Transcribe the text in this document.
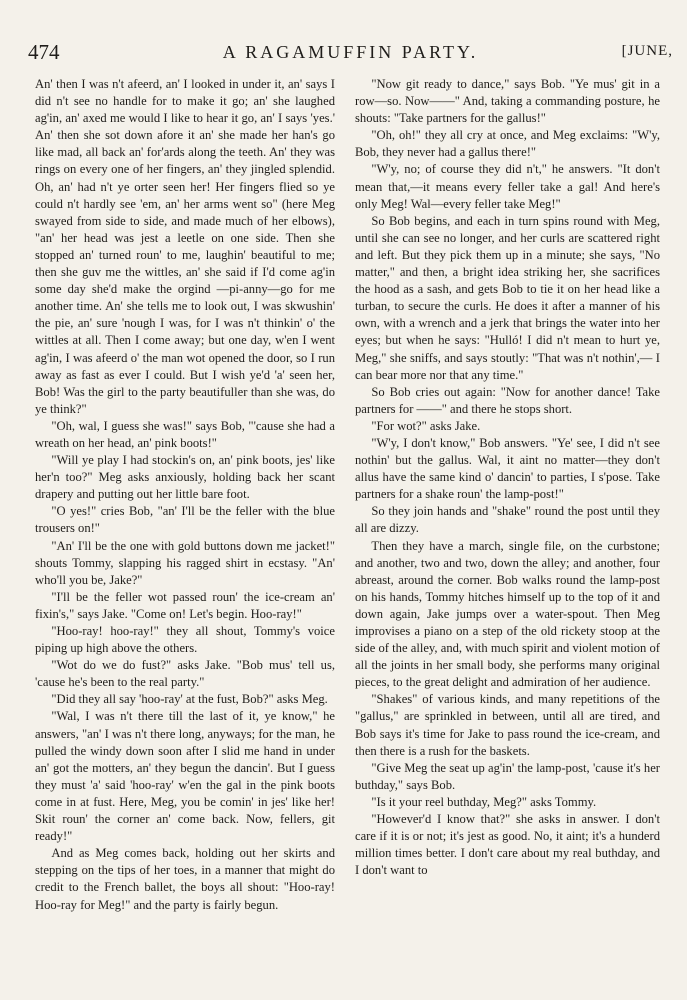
474	A RAGAMUFFIN PARTY.	[JUNE,

An' then I was n't afeerd, an' I looked in under it, an' says I did n't see no handle for to make it go; an' she laughed ag'in, an' axed me would I like to hear it go, an' I says 'yes.' An' then she sot down afore it an' she made her han's go like mad, all back an' for'ards along the teeth. An' they was rings on every one of her fingers, an' they jingled splendid. Oh, an' had n't ye orter seen her! Her fingers flied so ye could n't hardly see 'em, an' her arms went so" (here Meg swayed from side to side, and made much of her elbows), "an' her head was jest a leetle on one side. Then she stopped an' turned roun' to me, laughin' beautiful to me; then she guv me the wittles, an' she said if I'd come ag'in some day she'd make the orgind —pi-anny—go for me another time. An' she tells me to look out, I was skwushin' the pie, an' sure 'nough I was, for I was n't thinkin' o' the wittles at all. Then I come away; but one day, w'en I went ag'in, I was afeerd o' the man wot opened the door, so I run away as fast as ever I could. But I wish ye'd 'a' seen her, Bob! Was the girl to the party beautifuller than she was, do ye think?"

"Oh, wal, I guess she was!" says Bob, "'cause she had a wreath on her head, an' pink boots!"

"Will ye play I had stockin's on, an' pink boots, jes' like her'n too?" Meg asks anxiously, holding back her scant drapery and putting out her little bare foot.

"O yes!" cries Bob, "an' I'll be the feller with the blue trousers on!"

"An' I'll be the one with gold buttons down me jacket!" shouts Tommy, slapping his ragged shirt in ecstasy. "An' who'll you be, Jake?"

"I'll be the feller wot passed roun' the ice-cream an' fixin's," says Jake. "Come on! Let's begin. Hoo-ray!"

"Hoo-ray! hoo-ray!" they all shout, Tommy's voice piping up high above the others.

"Wot do we do fust?" asks Jake. "Bob mus' tell us, 'cause he's been to the real party."

"Did they all say 'hoo-ray' at the fust, Bob?" asks Meg.

"Wal, I was n't there till the last of it, ye know," he answers, "an' I was n't there long, anyways; for the man, he pulled the windy down soon after I slid me hand in under an' got the motters, an' they begun the dancin'. But I guess they must 'a' said 'hoo-ray' w'en the gal in the pink boots come in at fust. Here, Meg, you be comin' in jes' like her! Skit roun' the corner an' come back. Now, fellers, git ready!"

And as Meg comes back, holding out her skirts and stepping on the tips of her toes, in a manner that might do credit to the French ballet, the boys all shout: "Hoo-ray! Hoo-ray for Meg!" and the party is fairly begun.

"Now git ready to dance," says Bob. "Ye mus' git in a row—so. Now——" And, taking a commanding posture, he shouts: "Take partners for the gallus!"

"Oh, oh!" they all cry at once, and Meg exclaims: "W'y, Bob, they never had a gallus there!"

"W'y, no; of course they did n't," he answers. "It don't mean that,—it means every feller take a gal! And here's only Meg! Wal—every feller take Meg!"

So Bob begins, and each in turn spins round with Meg, until she can see no longer, and her curls are scattered right and left. But they pick them up in a minute; she says, "No matter," and then, a bright idea striking her, she sacrifices the hood as a sash, and gets Bob to tie it on her head like a turban, to secure the curls. He does it after a manner of his own, with a wrench and a jerk that brings the water into her eyes; but when he says: "Hulló! I did n't mean to hurt ye, Meg," she sniffs, and says stoutly: "That was n't nothin',— I can bear more nor that any time."

So Bob cries out again: "Now for another dance! Take partners for ——" and there he stops short.

"For wot?" asks Jake.

"W'y, I don't know," Bob answers. "Ye' see, I did n't see nothin' but the gallus. Wal, it aint no matter—they don't allus have the same kind o' dancin' to parties, I s'pose. Take partners for a shake roun' the lamp-post!"

So they join hands and "shake" round the post until they all are dizzy.

Then they have a march, single file, on the curbstone; and another, two and two, down the alley; and another, four abreast, around the corner. Bob walks round the lamp-post on his hands, Tommy hitches himself up to the top of it and down again, Jake jumps over a water-spout. Then Meg improvises a piano on a step of the old rickety stoop at the side of the alley, and, with much spirit and violent motion of all the joints in her small body, she performs many original pieces, to the great delight and admiration of her audience.

"Shakes" of various kinds, and many repetitions of the "gallus," are sprinkled in between, until all are tired, and Bob says it's time for Jake to pass round the ice-cream, and then there is a rush for the baskets.

"Give Meg the seat up ag'in' the lamp-post, 'cause it's her buthday," says Bob.

"Is it your reel buthday, Meg?" asks Tommy.

"However'd I know that?" she asks in answer. I don't care if it is or not; it's jest as good. No, it aint; it's a hunderd million times better. I don't care about my real buthday, and I don't want to
